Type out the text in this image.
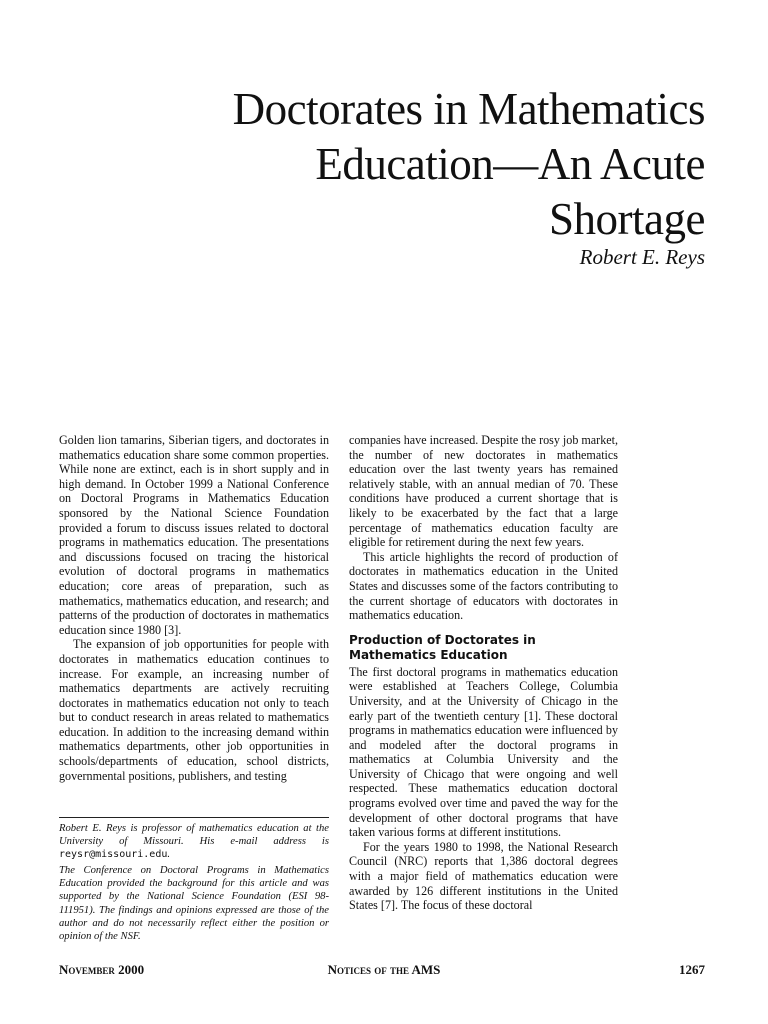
Doctorates in Mathematics
Education—An Acute
Shortage

Robert E. Reys

Golden lion tamarins, Siberian tigers, and doctorates in mathematics education share some common properties. While none are extinct, each is in short supply and in high demand. In October 1999 a National Conference on Doctoral Programs in Mathematics Education sponsored by the National Science Foundation provided a forum to discuss issues related to doctoral programs in mathematics education. The presentations and discussions focused on tracing the historical evolution of doctoral programs in mathematics education; core areas of preparation, such as mathematics, mathematics education, and research; and patterns of the production of doctorates in mathematics education since 1980 [3].

The expansion of job opportunities for people with doctorates in mathematics education continues to increase. For example, an increasing number of mathematics departments are actively recruiting doctorates in mathematics education not only to teach but to conduct research in areas related to mathematics education. In addition to the increasing demand within mathematics departments, other job opportunities in schools/departments of education, school districts, governmental positions, publishers, and testing

Robert E. Reys is professor of mathematics education at the University of Missouri. His e-mail address is reysr@missouri.edu.

The Conference on Doctoral Programs in Mathematics Education provided the background for this article and was supported by the National Science Foundation (ESI 98-111951). The findings and opinions expressed are those of the author and do not necessarily reflect either the position or opinion of the NSF.

companies have increased. Despite the rosy job market, the number of new doctorates in mathematics education over the last twenty years has remained relatively stable, with an annual median of 70. These conditions have produced a current shortage that is likely to be exacerbated by the fact that a large percentage of mathematics education faculty are eligible for retirement during the next few years.

This article highlights the record of production of doctorates in mathematics education in the United States and discusses some of the factors contributing to the current shortage of educators with doctorates in mathematics education.

Production of Doctorates in Mathematics Education

The first doctoral programs in mathematics education were established at Teachers College, Columbia University, and at the University of Chicago in the early part of the twentieth century [1]. These doctoral programs in mathematics education were influenced by and modeled after the doctoral programs in mathematics at Columbia University and the University of Chicago that were ongoing and well respected. These mathematics education doctoral programs evolved over time and paved the way for the development of other doctoral programs that have taken various forms at different institutions.

For the years 1980 to 1998, the National Research Council (NRC) reports that 1,386 doctoral degrees with a major field of mathematics education were awarded by 126 different institutions in the United States [7]. The focus of these doctoral

November 2000	Notices of the AMS	1267
